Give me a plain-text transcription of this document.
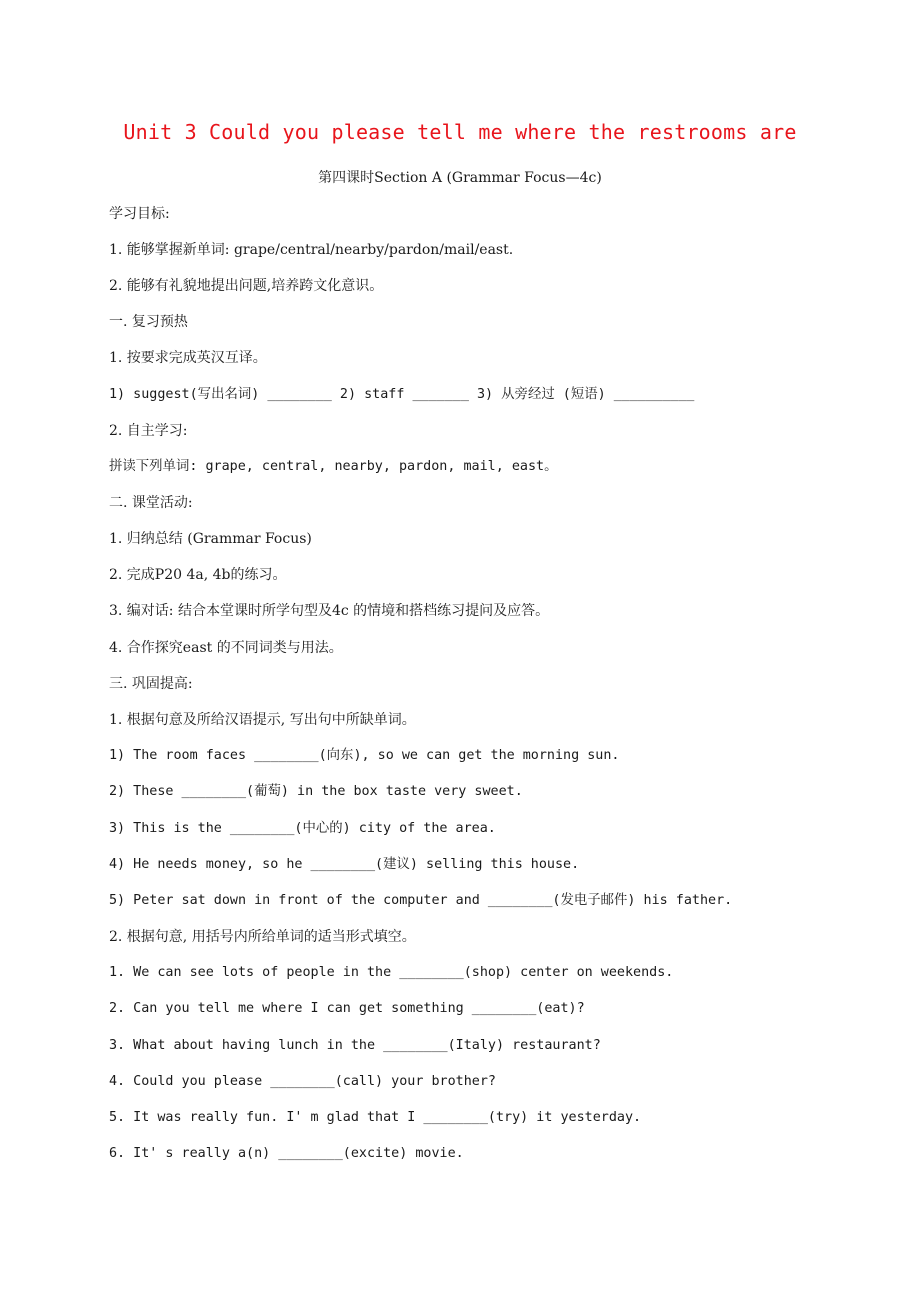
Unit 3 Could you please tell me where the restrooms are
第四课时Section A (Grammar Focus—4c)
学习目标:
1. 能够掌握新单词: grape/central/nearby/pardon/mail/east.
2. 能够有礼貌地提出问题,培养跨文化意识。
一. 复习预热
1. 按要求完成英汉互译。
1) suggest(写出名词) ________ 2) staff _______ 3) 从旁经过 (短语) __________
2. 自主学习:
拼读下列单词: grape, central, nearby, pardon, mail, east。
二. 课堂活动:
1. 归纳总结 (Grammar Focus)
2. 完成P20 4a, 4b的练习。
3. 编对话: 结合本堂课时所学句型及4c 的情境和搭档练习提问及应答。
4. 合作探究east 的不同词类与用法。
三. 巩固提高:
1. 根据句意及所给汉语提示, 写出句中所缺单词。
1) The room faces ________(向东), so we can get the morning sun.
2) These ________(葡萄) in the box taste very sweet.
3) This is the ________(中心的) city of the area.
4) He needs money, so he ________(建议) selling this house.
5) Peter sat down in front of the computer and ________(发电子邮件) his father.
2. 根据句意, 用括号内所给单词的适当形式填空。
1. We can see lots of people in the ________(shop) center on weekends.
2. Can you tell me where I can get something ________(eat)?
3. What about having lunch in the ________(Italy) restaurant?
4. Could you please ________(call) your brother?
5. It was really fun. I' m glad that I ________(try) it yesterday.
6. It' s really a(n) ________(excite) movie.
